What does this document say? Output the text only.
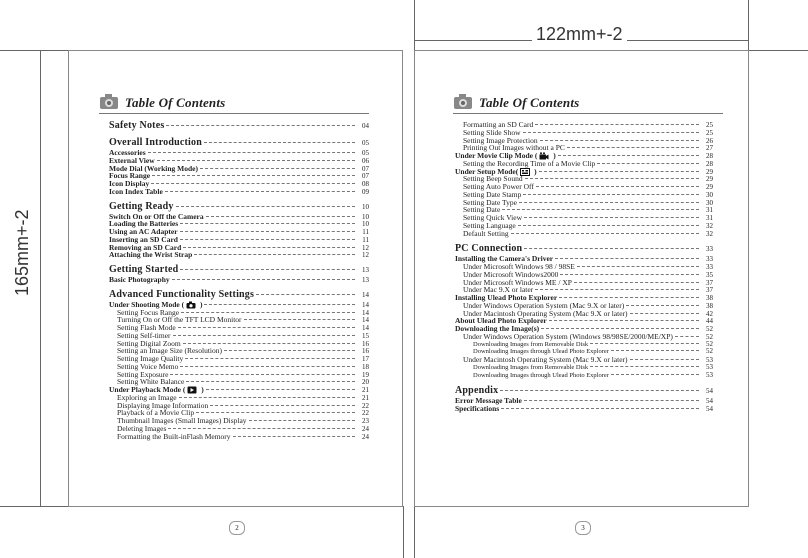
122mm+-2
165mm+-2
Table Of Contents
Safety Notes	04
Overall Introduction	05
Accessories	05
External View	06
Mode Dial (Working Mode)	07
Focus Range	07
Icon Display	08
Icon Index Table	09
Getting Ready	10
Switch On or Off the Camera	10
Loading the Batteries	10
Using an AC Adapter	11
Inserting an SD Card	11
Removing an SD Card	12
Attaching the Wrist Strap	12
Getting Started	13
Basic Photography	13
Advanced Functionality Settings	14
Under Shooting Mode ( )	14
Setting Focus Range	14
Turning On or Off the TFT LCD Monitor	14
Setting Flash Mode	14
Setting Self-timer	15
Setting Digital Zoom	16
Setting an Image Size (Resolution)	16
Setting Image Quality	17
Setting Voice Memo	18
Setting Exposure	19
Setting White Balance	20
Under Playback Mode ( )	21
Exploring an Image	21
Displaying Image Information	22
Playback of a Movie Clip	22
Thumbnail Images (Small Images) Display	23
Deleting Images	24
Formatting the Built-inFlash Memory	24
2
Table Of Contents
Formatting an SD Card	25
Setting Slide Show	25
Setting Image Protection	26
Printing Out Images without a PC	27
Under Movie Clip Mode ( )	28
Setting the Recording Time of a Movie Clip	28
Under Setup Mode( )	29
Setting Beep Sound	29
Setting Auto Power Off	29
Setting Date Stamp	30
Setting Date Type	30
Setting Date	31
Setting Quick View	31
Setting Language	32
Default Setting	32
PC Connection	33
Installing the Camera's Driver	33
Under Microsoft Windows 98 / 98SE	33
Under Microsoft Windows2000	35
Under Microsoft Windows ME / XP	37
Under Mac 9.X or later	37
Installing Ulead Photo Explorer	38
Under Windows Operation System (Mac 9.X or later)	38
Under Macintosh Operating System (Mac 9.X or later)	42
About Ulead Photo Explorer	44
Downloading the Image(s)	52
Under Windows Operation System (Windows 98/98SE/2000/ME/XP)	52
Downloading Images from Removable Disk	52
Downloading Images through Ulead Photo Explorer	52
Under Macintosh Operating System (Mac 9.X or later)	53
Downloading Images from Removable Disk	53
Downloading Images through Ulead Photo Explorer	53
Appendix	54
Error Message Table	54
Specifications	54
3
